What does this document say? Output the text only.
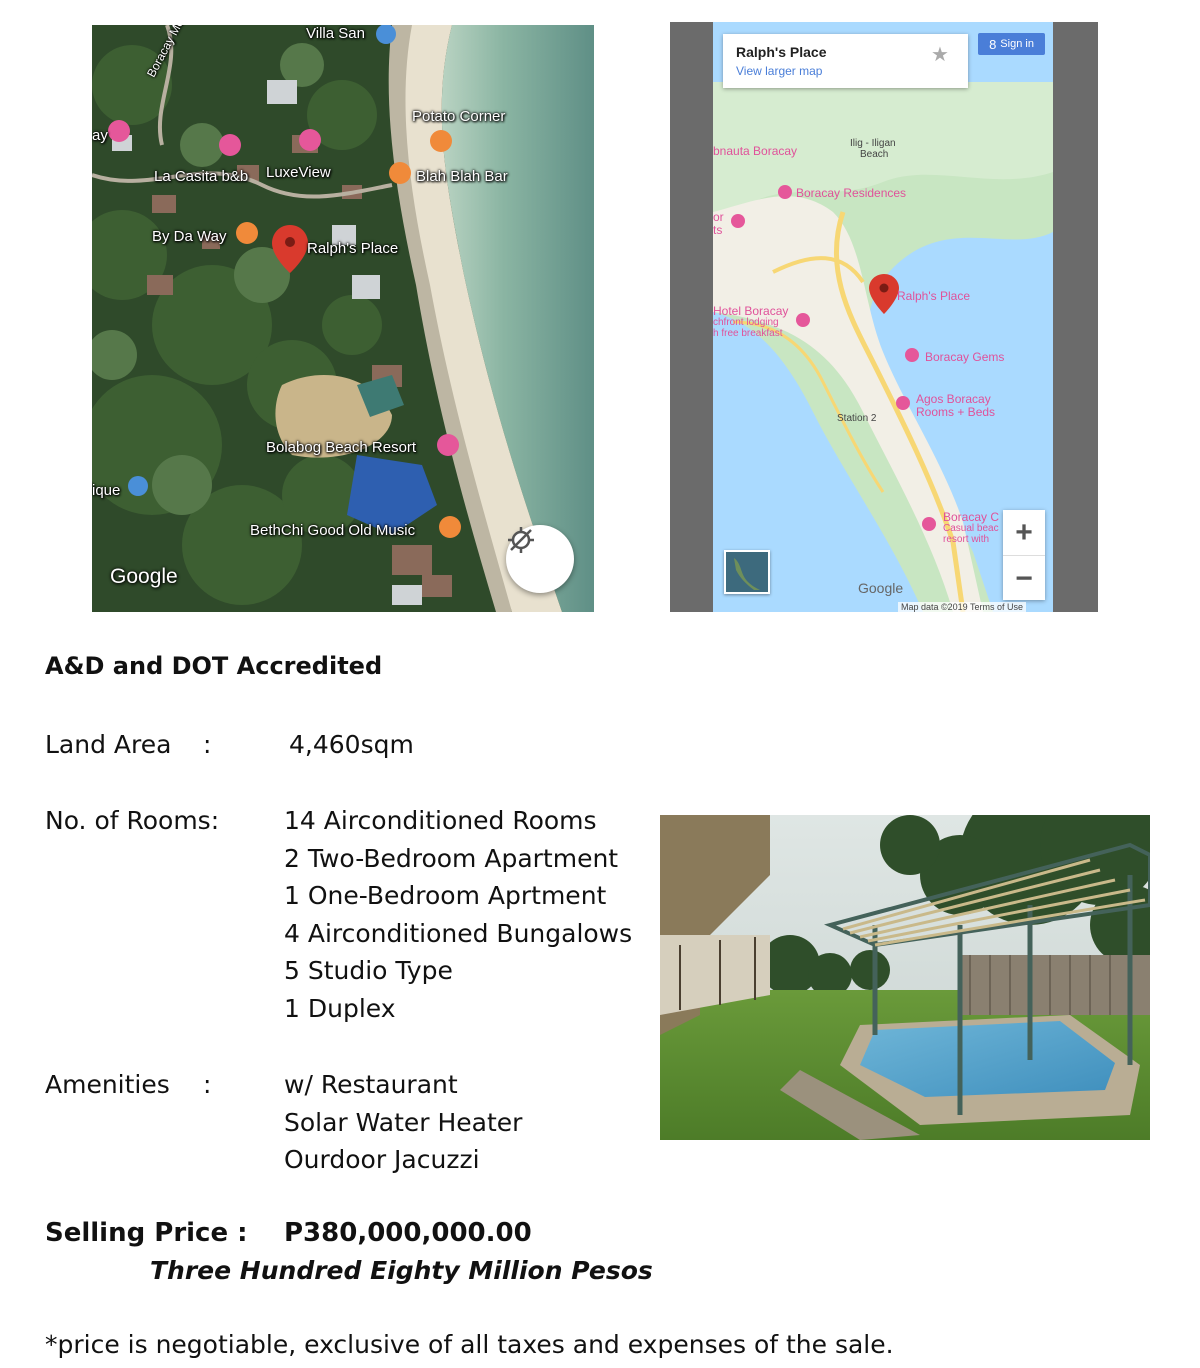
Villa San
Potato Corner
ay
La Casita b&b LuxeView	Blah Blah Bar
By Da Way
Ralph's Place
Bolabog Beach Resort
ique
BethChi Good Old Music
Google
Ralph's Place
View larger map
★	8 Sign in
bnauta Boracay
Ilig - Iligan
Beach
Boracay Residences
or
ts
Ralph's Place
Hotel Boracay
chfront lodging
h free breakfast
Boracay Gems
Agos Boracay
Rooms + Beds
Station 2
Boracay C
Casual beac
resort with +
−
Google
Map data ©2019 Terms of Use
A&D and DOT Accredited
Land Area :	4,460sqm
No. of Rooms:	14 Airconditioned Rooms
2 Two-Bedroom Apartment
1 One-Bedroom Aprtment
4 Airconditioned Bungalows
5 Studio Type
1 Duplex
Amenities :	w/ Restaurant
Solar Water Heater
Ourdoor Jacuzzi
Selling Price : P380,000,000.00
Three Hundred Eighty Million Pesos
*price is negotiable, exclusive of all taxes and expenses of the sale.
